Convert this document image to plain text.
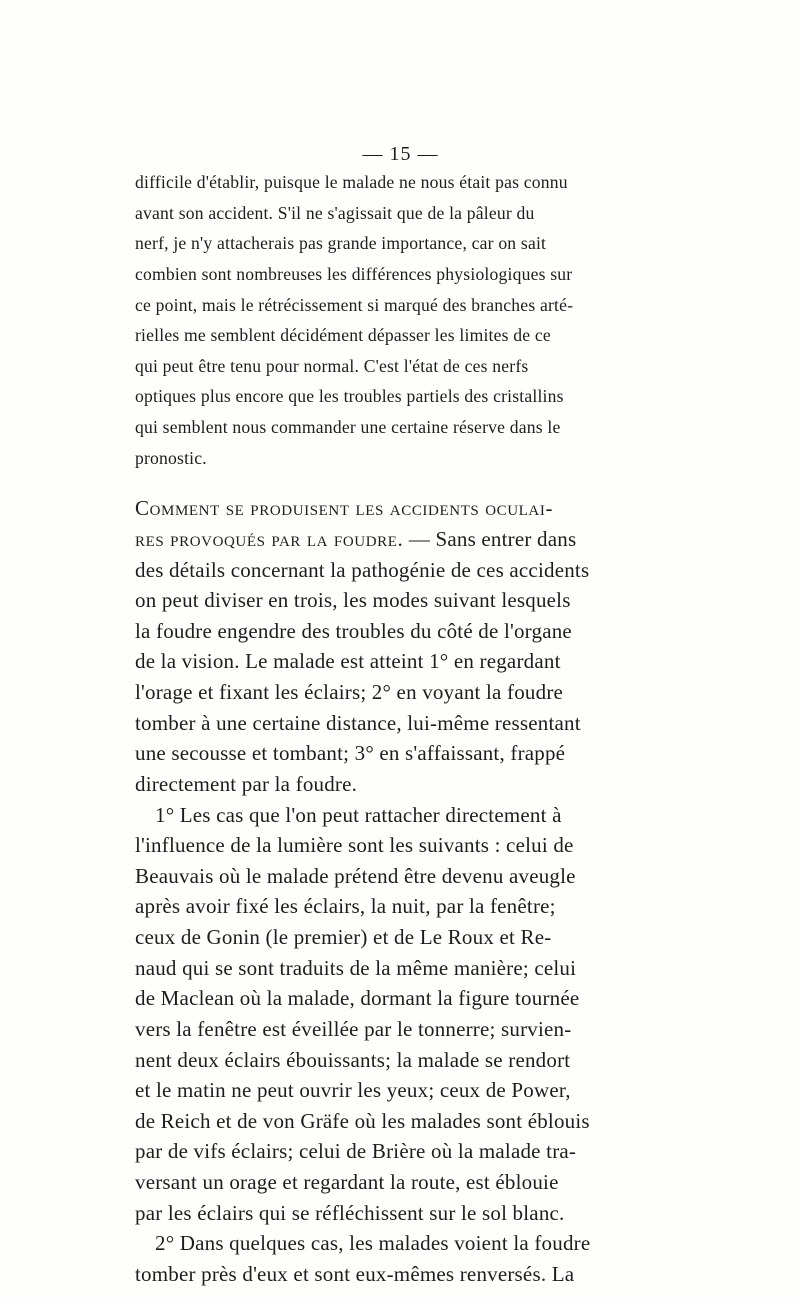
— 15 —
difficile d'établir, puisque le malade ne nous était pas connu
avant son accident. S'il ne s'agissait que de la pâleur du
nerf, je n'y attacherais pas grande importance, car on sait
combien sont nombreuses les différences physiologiques sur
ce point, mais le rétrécissement si marqué des branches arté-
rielles me semblent décidément dépasser les limites de ce
qui peut être tenu pour normal. C'est l'état de ces nerfs
optiques plus encore que les troubles partiels des cristallins
qui semblent nous commander une certaine réserve dans le
pronostic.
Comment se produisent les accidents oculai-
res provoqués par la foudre. — Sans entrer dans
des détails concernant la pathogénie de ces accidents
on peut diviser en trois, les modes suivant lesquels
la foudre engendre des troubles du côté de l'organe
de la vision. Le malade est atteint 1° en regardant
l'orage et fixant les éclairs; 2° en voyant la foudre
tomber à une certaine distance, lui-même ressentant
une secousse et tombant; 3° en s'affaissant, frappé
directement par la foudre.
1° Les cas que l'on peut rattacher directement à
l'influence de la lumière sont les suivants : celui de
Beauvais où le malade prétend être devenu aveugle
après avoir fixé les éclairs, la nuit, par la fenêtre;
ceux de Gonin (le premier) et de Le Roux et Re-
naud qui se sont traduits de la même manière; celui
de Maclean où la malade, dormant la figure tournée
vers la fenêtre est éveillée par le tonnerre; survien-
nent deux éclairs ébouissants; la malade se rendort
et le matin ne peut ouvrir les yeux; ceux de Power,
de Reich et de von Gräfe où les malades sont éblouis
par de vifs éclairs; celui de Brière où la malade tra-
versant un orage et regardant la route, est éblouie
par les éclairs qui se réfléchissent sur le sol blanc.
2° Dans quelques cas, les malades voient la foudre
tomber près d'eux et sont eux-mêmes renversés. La
